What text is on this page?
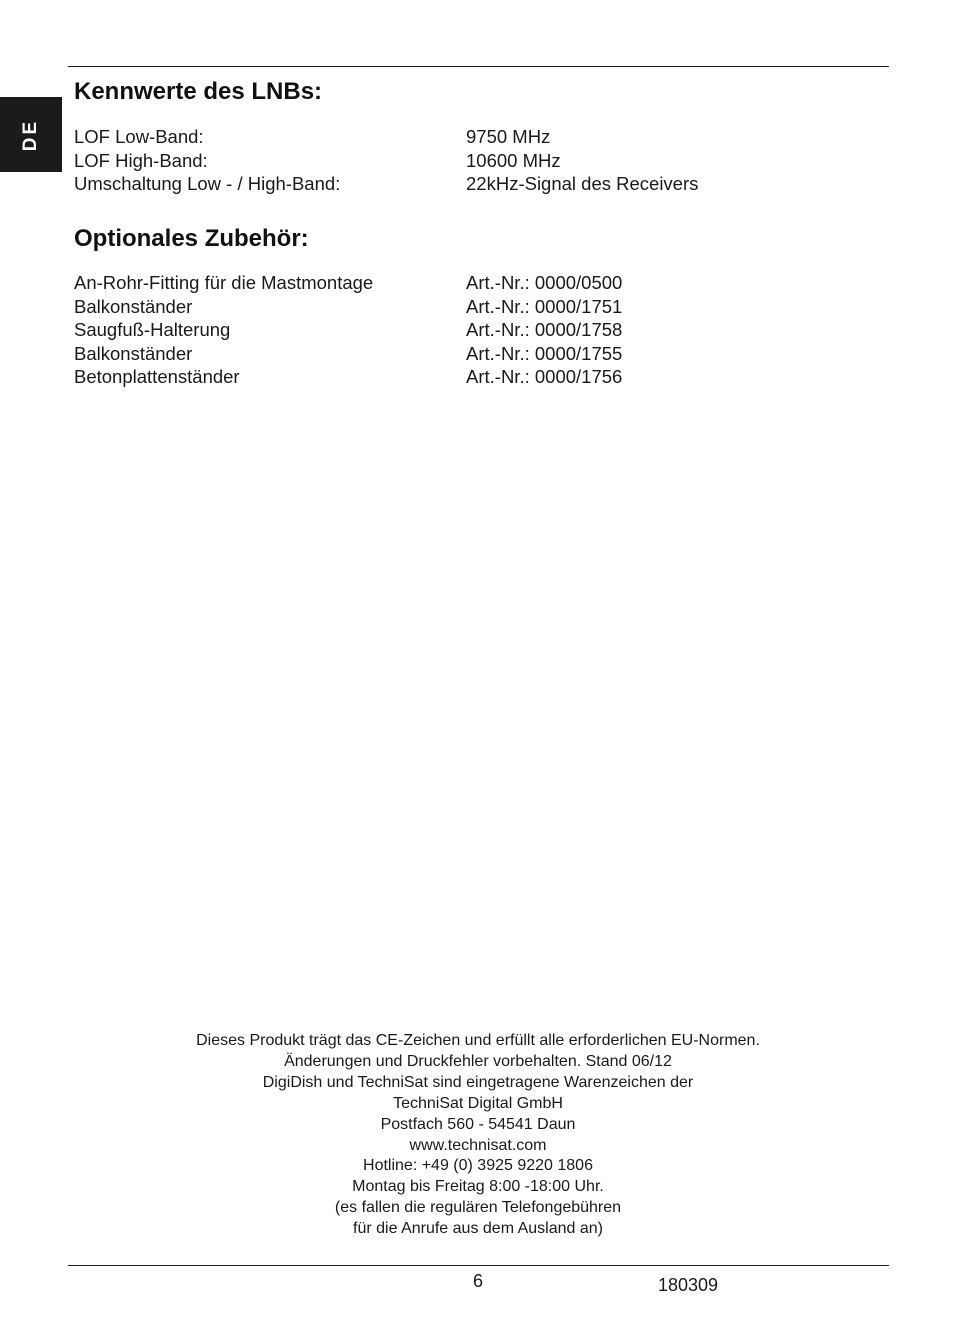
DE
Kennwerte des LNBs:
LOF Low-Band:	9750 MHz
LOF High-Band:	10600 MHz
Umschaltung Low - / High-Band:	22kHz-Signal des Receivers
Optionales Zubehör:
An-Rohr-Fitting für die Mastmontage	Art.-Nr.: 0000/0500
Balkonständer	Art.-Nr.: 0000/1751
Saugfuß-Halterung	Art.-Nr.: 0000/1758
Balkonständer	Art.-Nr.: 0000/1755
Betonplattenständer	Art.-Nr.: 0000/1756
Dieses Produkt trägt das CE-Zeichen und erfüllt alle erforderlichen EU-Normen.
Änderungen und Druckfehler vorbehalten. Stand 06/12
DigiDish und TechniSat sind eingetragene Warenzeichen der
TechniSat Digital GmbH
Postfach 560 - 54541 Daun
www.technisat.com
Hotline: +49 (0) 3925 9220 1806
Montag bis Freitag 8:00 -18:00 Uhr.
(es fallen die regulären Telefongebühren
für die Anrufe aus dem Ausland an)
6	180309
